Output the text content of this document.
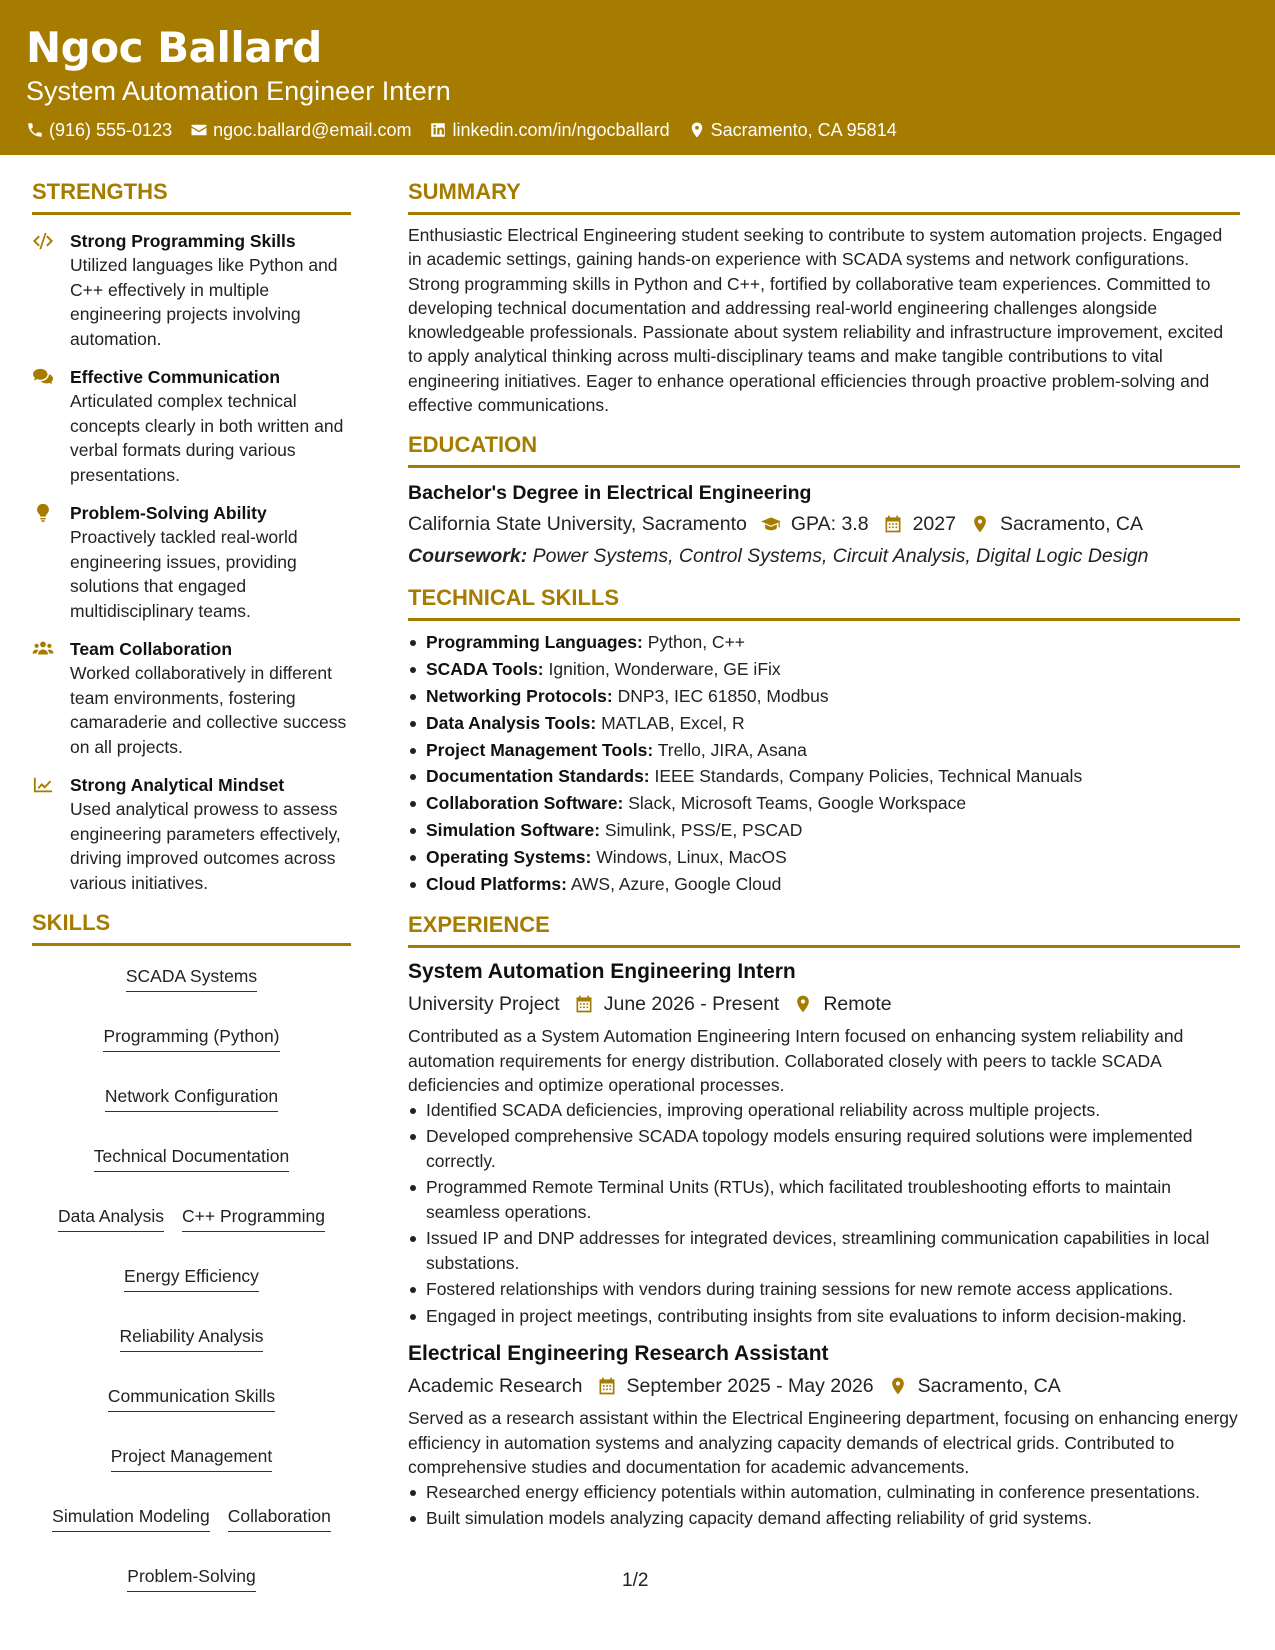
Ngoc Ballard
System Automation Engineer Intern
(916) 555-0123 ngoc.ballard@email.com linkedin.com/in/ngocballard Sacramento, CA 95814
STRENGTHS
Strong Programming Skills
Utilized languages like Python and C++ effectively in multiple engineering projects involving automation.
Effective Communication
Articulated complex technical concepts clearly in both written and verbal formats during various presentations.
Problem-Solving Ability
Proactively tackled real-world engineering issues, providing solutions that engaged multidisciplinary teams.
Team Collaboration
Worked collaboratively in different team environments, fostering camaraderie and collective success on all projects.
Strong Analytical Mindset
Used analytical prowess to assess engineering parameters effectively, driving improved outcomes across various initiatives.
SKILLS
SCADA Systems
Programming (Python)
Network Configuration
Technical Documentation
Data Analysis C++ Programming
Energy Efficiency
Reliability Analysis
Communication Skills
Project Management
Simulation Modeling Collaboration
Problem-Solving
SUMMARY
Enthusiastic Electrical Engineering student seeking to contribute to system automation projects. Engaged in academic settings, gaining hands-on experience with SCADA systems and network configurations. Strong programming skills in Python and C++, fortified by collaborative team experiences. Committed to developing technical documentation and addressing real-world engineering challenges alongside knowledgeable professionals. Passionate about system reliability and infrastructure improvement, excited to apply analytical thinking across multi-disciplinary teams and make tangible contributions to vital engineering initiatives. Eager to enhance operational efficiencies through proactive problem-solving and effective communications.
EDUCATION
Bachelor's Degree in Electrical Engineering
California State University, Sacramento GPA: 3.8 2027 Sacramento, CA
Coursework: Power Systems, Control Systems, Circuit Analysis, Digital Logic Design
TECHNICAL SKILLS
Programming Languages: Python, C++
SCADA Tools: Ignition, Wonderware, GE iFix
Networking Protocols: DNP3, IEC 61850, Modbus
Data Analysis Tools: MATLAB, Excel, R
Project Management Tools: Trello, JIRA, Asana
Documentation Standards: IEEE Standards, Company Policies, Technical Manuals
Collaboration Software: Slack, Microsoft Teams, Google Workspace
Simulation Software: Simulink, PSS/E, PSCAD
Operating Systems: Windows, Linux, MacOS
Cloud Platforms: AWS, Azure, Google Cloud
EXPERIENCE
System Automation Engineering Intern
University Project June 2026 - Present Remote
Contributed as a System Automation Engineering Intern focused on enhancing system reliability and automation requirements for energy distribution. Collaborated closely with peers to tackle SCADA deficiencies and optimize operational processes.
Identified SCADA deficiencies, improving operational reliability across multiple projects.
Developed comprehensive SCADA topology models ensuring required solutions were implemented correctly.
Programmed Remote Terminal Units (RTUs), which facilitated troubleshooting efforts to maintain seamless operations.
Issued IP and DNP addresses for integrated devices, streamlining communication capabilities in local substations.
Fostered relationships with vendors during training sessions for new remote access applications.
Engaged in project meetings, contributing insights from site evaluations to inform decision-making.
Electrical Engineering Research Assistant
Academic Research September 2025 - May 2026 Sacramento, CA
Served as a research assistant within the Electrical Engineering department, focusing on enhancing energy efficiency in automation systems and analyzing capacity demands of electrical grids. Contributed to comprehensive studies and documentation for academic advancements.
Researched energy efficiency potentials within automation, culminating in conference presentations.
Built simulation models analyzing capacity demand affecting reliability of grid systems.
1/2
